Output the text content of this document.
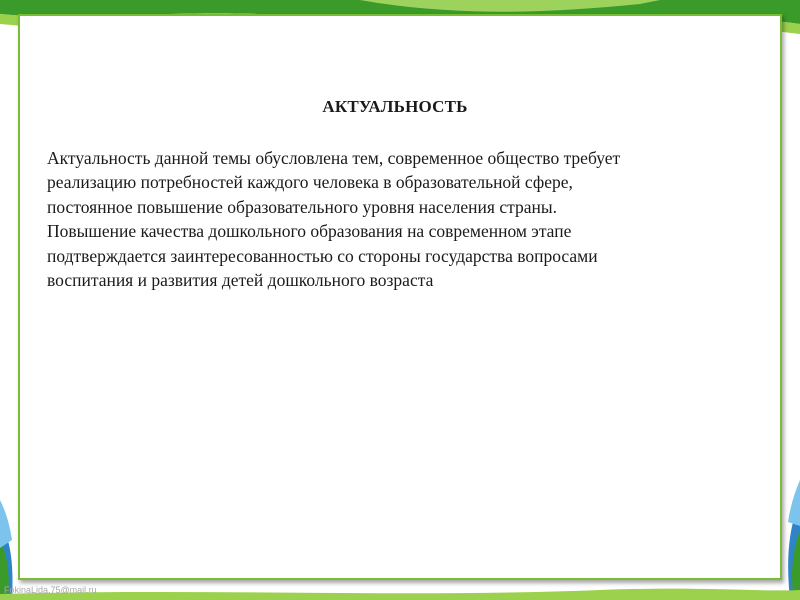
АКТУАЛЬНОСТЬ

Актуальность данной темы обусловлена тем, современное общество требует
реализацию потребностей каждого человека в образовательной сфере,
постоянное повышение образовательного уровня населения страны.
Повышение качества дошкольного образования на современном этапе
подтверждается заинтересованностью со стороны государства вопросами
воспитания и развития детей дошкольного возраста

FokinaLida.75@mail.ru
